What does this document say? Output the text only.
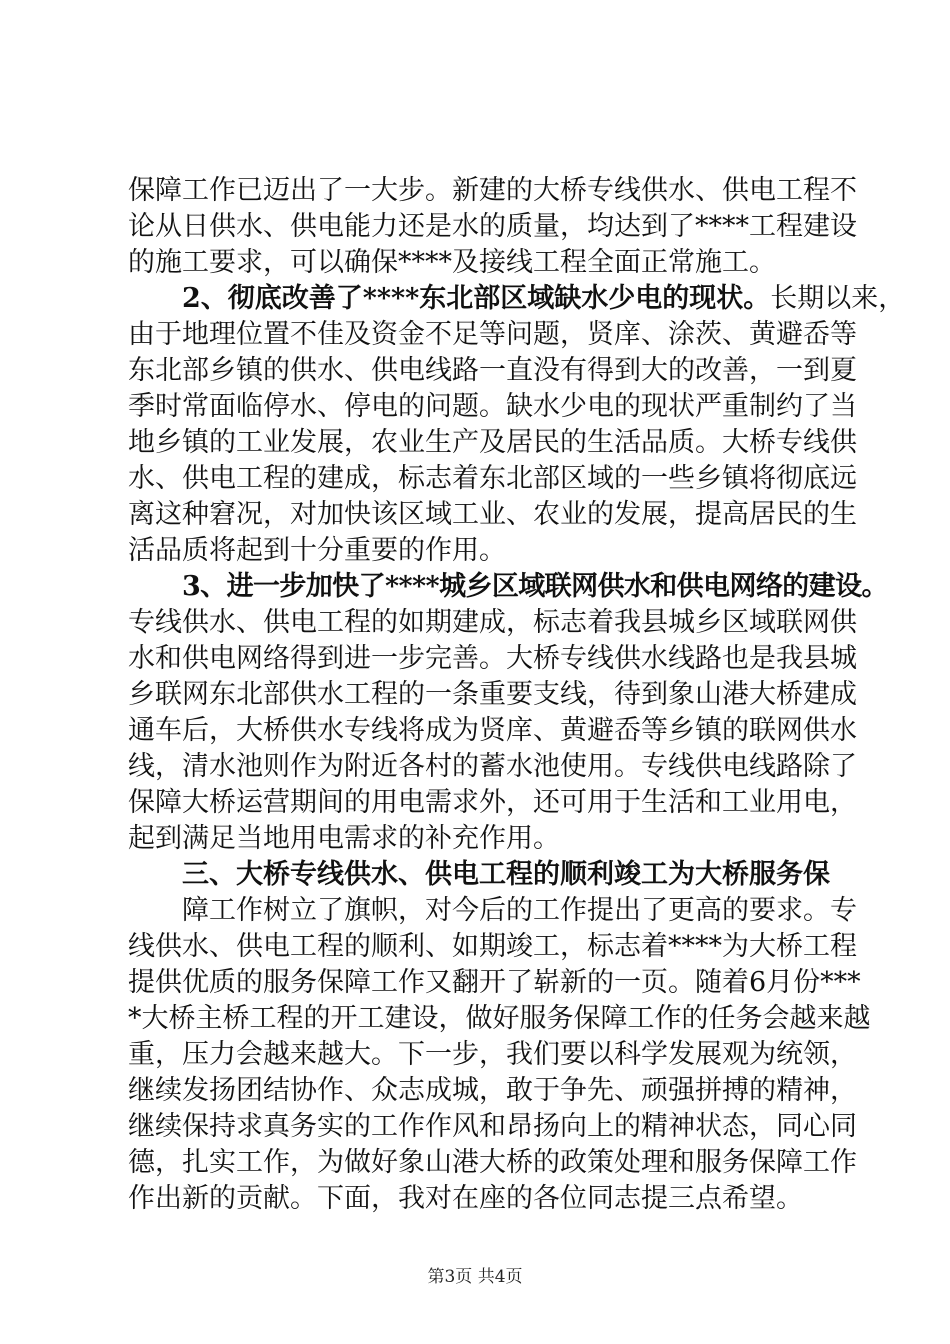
保障工作已迈出了一大步。新建的大桥专线供水、供电工程不
论从日供水、供电能力还是水的质量，均达到了****工程建设
的施工要求，可以确保****及接线工程全面正常施工。
2、彻底改善了****东北部区域缺水少电的现状。长期以来，
由于地理位置不佳及资金不足等问题，贤庠、涂茨、黄避岙等
东北部乡镇的供水、供电线路一直没有得到大的改善，一到夏
季时常面临停水、停电的问题。缺水少电的现状严重制约了当
地乡镇的工业发展，农业生产及居民的生活品质。大桥专线供
水、供电工程的建成，标志着东北部区域的一些乡镇将彻底远
离这种窘况，对加快该区域工业、农业的发展，提高居民的生
活品质将起到十分重要的作用。
3、进一步加快了****城乡区域联网供水和供电网络的建设。
专线供水、供电工程的如期建成，标志着我县城乡区域联网供
水和供电网络得到进一步完善。大桥专线供水线路也是我县城
乡联网东北部供水工程的一条重要支线，待到象山港大桥建成
通车后，大桥供水专线将成为贤庠、黄避岙等乡镇的联网供水
线，清水池则作为附近各村的蓄水池使用。专线供电线路除了
保障大桥运营期间的用电需求外，还可用于生活和工业用电，
起到满足当地用电需求的补充作用。
三、大桥专线供水、供电工程的顺利竣工为大桥服务保
障工作树立了旗帜，对今后的工作提出了更高的要求。专
线供水、供电工程的顺利、如期竣工，标志着****为大桥工程
提供优质的服务保障工作又翻开了崭新的一页。随着6月份***
*大桥主桥工程的开工建设，做好服务保障工作的任务会越来越
重，压力会越来越大。下一步，我们要以科学发展观为统领，
继续发扬团结协作、众志成城，敢于争先、顽强拼搏的精神，
继续保持求真务实的工作作风和昂扬向上的精神状态，同心同
德，扎实工作，为做好象山港大桥的政策处理和服务保障工作
作出新的贡献。下面，我对在座的各位同志提三点希望。
第3页 共4页
